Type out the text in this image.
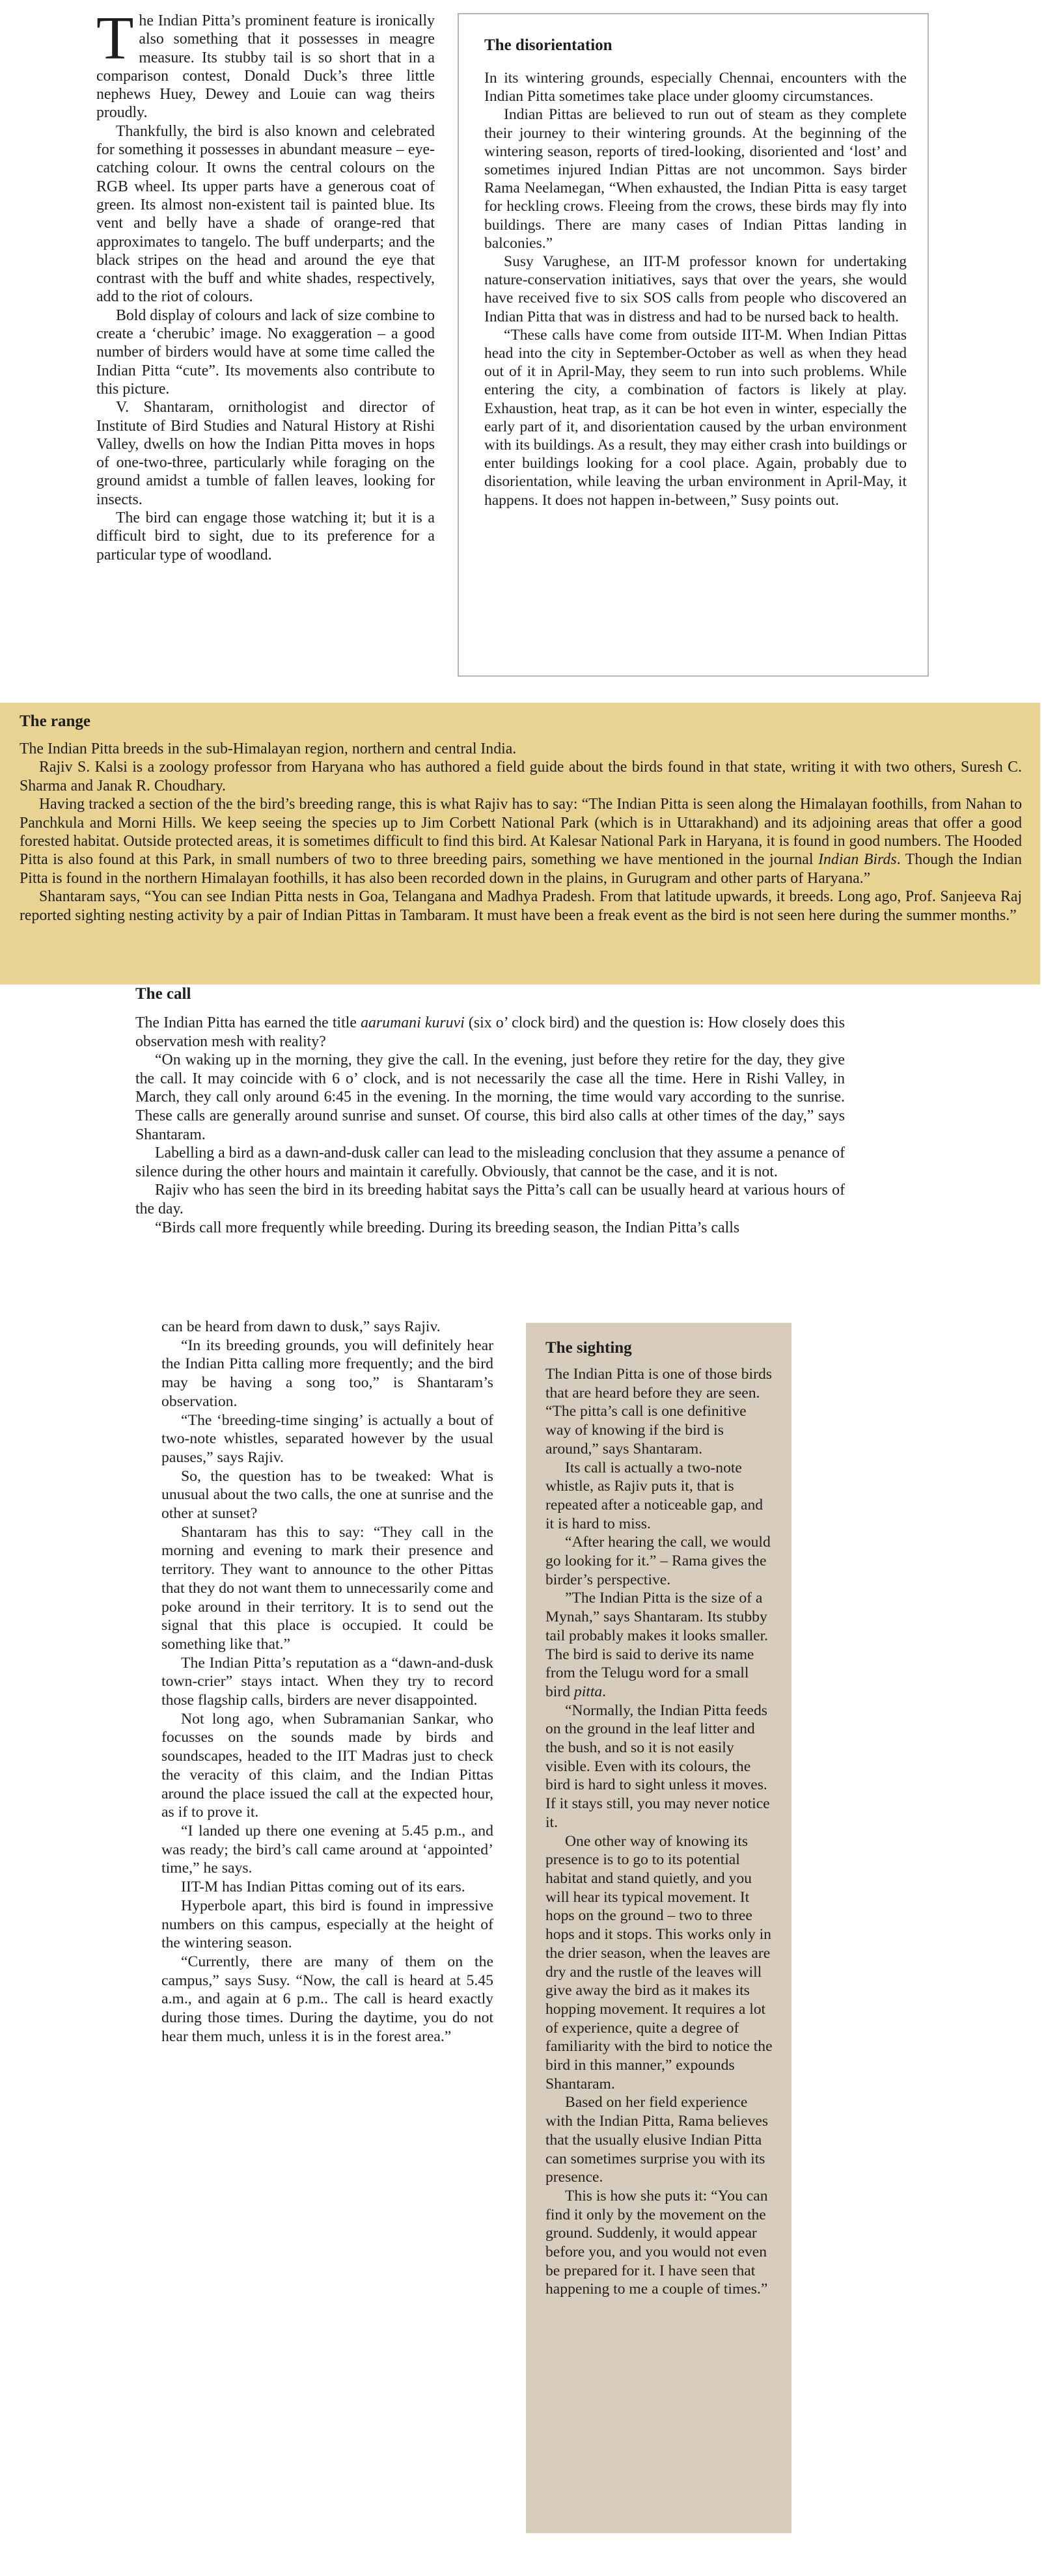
The Indian Pitta’s prominent feature is ironically also something that it possesses in meagre measure. Its stubby tail is so short that in a comparison contest, Donald Duck’s three little nephews Huey, Dewey and Louie can wag theirs proudly.

Thankfully, the bird is also known and celebrated for something it possesses in abundant measure – eye-catching colour. It owns the central colours on the RGB wheel. Its upper parts have a generous coat of green. Its almost non-existent tail is painted blue. Its vent and belly have a shade of orange-red that approximates to tangelo. The buff underparts; and the black stripes on the head and around the eye that contrast with the buff and white shades, respectively, add to the riot of colours.

Bold display of colours and lack of size combine to create a ‘cherubic’ image. No exaggeration – a good number of birders would have at some time called the Indian Pitta “cute”. Its movements also contribute to this picture.

V. Shantaram, ornithologist and director of Institute of Bird Studies and Natural History at Rishi Valley, dwells on how the Indian Pitta moves in hops of one-two-three, particularly while foraging on the ground amidst a tumble of fallen leaves, looking for insects.

The bird can engage those watching it; but it is a difficult bird to sight, due to its preference for a particular type of woodland.

The disorientation

In its wintering grounds, especially Chennai, encounters with the Indian Pitta sometimes take place under gloomy circumstances.

Indian Pittas are believed to run out of steam as they complete their journey to their wintering grounds. At the beginning of the wintering season, reports of tired-looking, disoriented and ‘lost’ and sometimes injured Indian Pittas are not uncommon. Says birder Rama Neelamegan, “When exhausted, the Indian Pitta is easy target for heckling crows. Fleeing from the crows, these birds may fly into buildings. There are many cases of Indian Pittas landing in balconies.”

Susy Varughese, an IIT-M professor known for undertaking nature-conservation initiatives, says that over the years, she would have received five to six SOS calls from people who discovered an Indian Pitta that was in distress and had to be nursed back to health.

“These calls have come from outside IIT-M. When Indian Pittas head into the city in September-October as well as when they head out of it in April-May, they seem to run into such problems. While entering the city, a combination of factors is likely at play. Exhaustion, heat trap, as it can be hot even in winter, especially the early part of it, and disorientation caused by the urban environment with its buildings. As a result, they may either crash into buildings or enter buildings looking for a cool place. Again, probably due to disorientation, while leaving the urban environment in April-May, it happens. It does not happen in-between,” Susy points out.

The range

The Indian Pitta breeds in the sub-Himalayan region, northern and central India.

Rajiv S. Kalsi is a zoology professor from Haryana who has authored a field guide about the birds found in that state, writing it with two others, Suresh C. Sharma and Janak R. Choudhary.

Having tracked a section of the the bird’s breeding range, this is what Rajiv has to say: “The Indian Pitta is seen along the Himalayan foothills, from Nahan to Panchkula and Morni Hills. We keep seeing the species up to Jim Corbett National Park (which is in Uttarakhand) and its adjoining areas that offer a good forested habitat. Outside protected areas, it is sometimes difficult to find this bird. At Kalesar National Park in Haryana, it is found in good numbers. The Hooded Pitta is also found at this Park, in small numbers of two to three breeding pairs, something we have mentioned in the journal Indian Birds. Though the Indian Pitta is found in the northern Himalayan foothills, it has also been recorded down in the plains, in Gurugram and other parts of Haryana.”

Shantaram says, “You can see Indian Pitta nests in Goa, Telangana and Madhya Pradesh. From that latitude upwards, it breeds. Long ago, Prof. Sanjeeva Raj reported sighting nesting activity by a pair of Indian Pittas in Tambaram. It must have been a freak event as the bird is not seen here during the summer months.”

The call

The Indian Pitta has earned the title aarumani kuruvi (six o’ clock bird) and the question is: How closely does this observation mesh with reality?

“On waking up in the morning, they give the call. In the evening, just before they retire for the day, they give the call. It may coincide with 6 o’ clock, and is not necessarily the case all the time. Here in Rishi Valley, in March, they call only around 6:45 in the evening. In the morning, the time would vary according to the sunrise. These calls are generally around sunrise and sunset. Of course, this bird also calls at other times of the day,” says Shantaram.

Labelling a bird as a dawn-and-dusk caller can lead to the misleading conclusion that they assume a penance of silence during the other hours and maintain it carefully. Obviously, that cannot be the case, and it is not.

Rajiv who has seen the bird in its breeding habitat says the Pitta’s call can be usually heard at various hours of the day.

“Birds call more frequently while breeding. During its breeding season, the Indian Pitta’s calls

can be heard from dawn to dusk,” says Rajiv.

“In its breeding grounds, you will definitely hear the Indian Pitta calling more frequently; and the bird may be having a song too,” is Shantaram’s observation.

“The ‘breeding-time singing’ is actually a bout of two-note whistles, separated however by the usual pauses,” says Rajiv.

So, the question has to be tweaked: What is unusual about the two calls, the one at sunrise and the other at sunset?

Shantaram has this to say: “They call in the morning and evening to mark their presence and territory. They want to announce to the other Pittas that they do not want them to unnecessarily come and poke around in their territory. It is to send out the signal that this place is occupied. It could be something like that.”

The Indian Pitta’s reputation as a “dawn-and-dusk town-crier” stays intact. When they try to record those flagship calls, birders are never disappointed.

Not long ago, when Subramanian Sankar, who focusses on the sounds made by birds and soundscapes, headed to the IIT Madras just to check the veracity of this claim, and the Indian Pittas around the place issued the call at the expected hour, as if to prove it.

“I landed up there one evening at 5.45 p.m., and was ready; the bird’s call came around at ‘appointed’ time,” he says.

IIT-M has Indian Pittas coming out of its ears.

Hyperbole apart, this bird is found in impressive numbers on this campus, especially at the height of the wintering season.

“Currently, there are many of them on the campus,” says Susy. “Now, the call is heard at 5.45 a.m., and again at 6 p.m.. The call is heard exactly during those times. During the daytime, you do not hear them much, unless it is in the forest area.”

The sighting

The Indian Pitta is one of those birds that are heard before they are seen. “The pitta’s call is one definitive way of knowing if the bird is around,” says Shantaram.

Its call is actually a two-note whistle, as Rajiv puts it, that is repeated after a noticeable gap, and it is hard to miss.

“After hearing the call, we would go looking for it.” – Rama gives the birder’s perspective.

”The Indian Pitta is the size of a Mynah,” says Shantaram. Its stubby tail probably makes it looks smaller. The bird is said to derive its name from the Telugu word for a small bird pitta.

“Normally, the Indian Pitta feeds on the ground in the leaf litter and the bush, and so it is not easily visible. Even with its colours, the bird is hard to sight unless it moves. If it stays still, you may never notice it.

One other way of knowing its presence is to go to its potential habitat and stand quietly, and you will hear its typical movement. It hops on the ground – two to three hops and it stops. This works only in the drier season, when the leaves are dry and the rustle of the leaves will give away the bird as it makes its hopping movement. It requires a lot of experience, quite a degree of familiarity with the bird to notice the bird in this manner,” expounds Shantaram.

Based on her field experience with the Indian Pitta, Rama believes that the usually elusive Indian Pitta can sometimes surprise you with its presence.

This is how she puts it: “You can find it only by the movement on the ground. Suddenly, it would appear before you, and you would not even be prepared for it. I have seen that happening to me a couple of times.”
